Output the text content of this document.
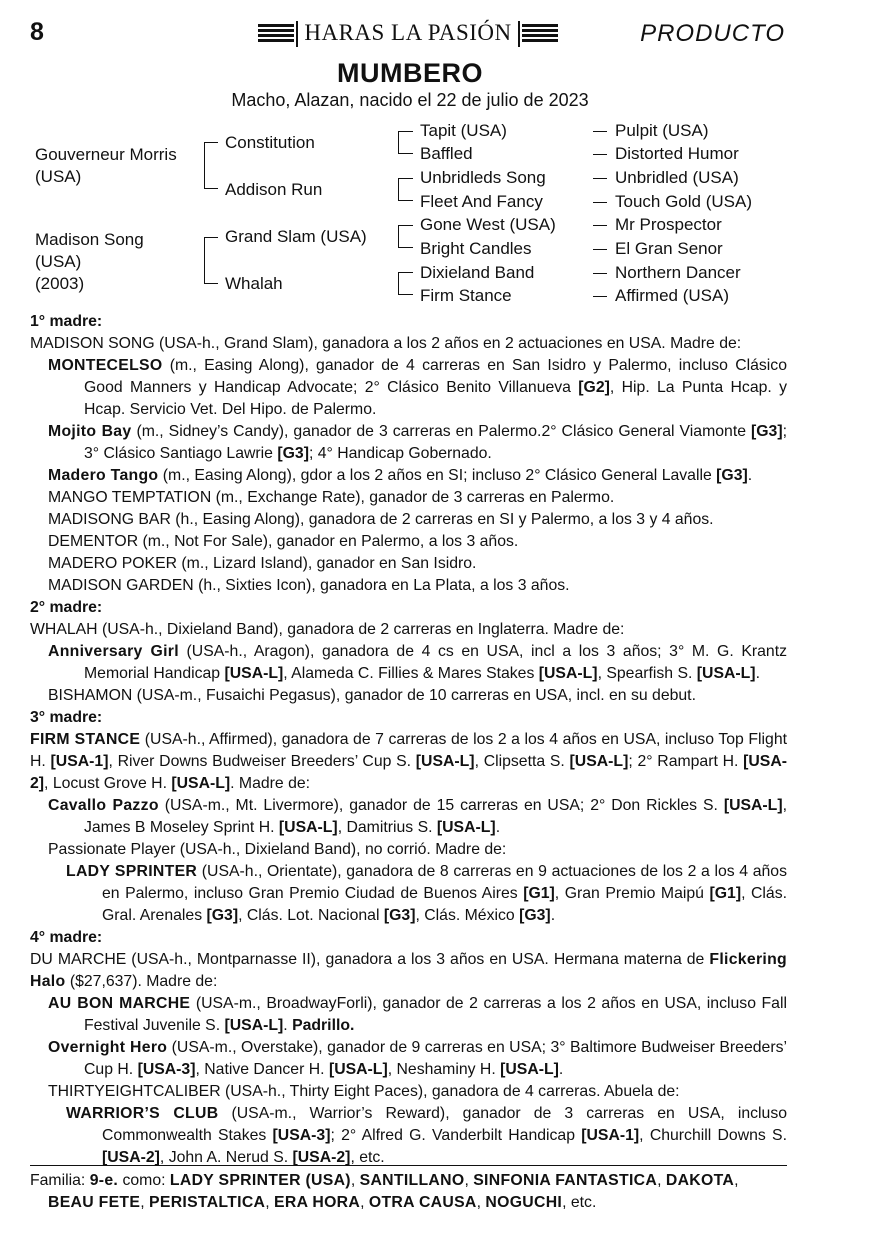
8	HARAS LA PASIÓN	PRODUCTO
MUMBERO
Macho, Alazan, nacido el 22 de julio de 2023
Gouverneur Morris (USA)
Madison Song
(USA)
(2003)
Constitution
Addison Run
Grand Slam (USA)
Whalah
Tapit (USA)
Baffled
Unbridleds Song
Fleet And Fancy
Gone West (USA)
Bright Candles
Dixieland Band
Firm Stance
Pulpit (USA)
Distorted Humor
Unbridled (USA)
Touch Gold (USA)
Mr Prospector
El Gran Senor
Northern Dancer
Affirmed (USA)

1° madre:

MADISON SONG (USA-h., Grand Slam), ganadora a los 2 años en 2 actuaciones en USA. Madre de:

MONTECELSO (m., Easing Along), ganador de 4 carreras en San Isidro y Palermo, incluso Clásico Good Manners y Handicap Advocate; 2° Clásico Benito Villanueva [G2], Hip. La Punta Hcap. y Hcap. Servicio Vet. Del Hipo. de Palermo.

Mojito Bay (m., Sidney’s Candy), ganador de 3 carreras en Palermo.2° Clásico General Viamonte [G3]; 3° Clásico Santiago Lawrie [G3]; 4° Handicap Gobernado.

Madero Tango (m., Easing Along), gdor a los 2 años en SI; incluso 2° Clásico General Lavalle [G3].

MANGO TEMPTATION (m., Exchange Rate), ganador de 3 carreras en Palermo.

MADISONG BAR (h., Easing Along), ganadora de 2 carreras en SI y Palermo, a los 3 y 4 años.

DEMENTOR (m., Not For Sale), ganador en Palermo, a los 3 años.

MADERO POKER (m., Lizard Island), ganador en San Isidro.

MADISON GARDEN (h., Sixties Icon), ganadora en La Plata, a los 3 años.

2° madre:

WHALAH (USA-h., Dixieland Band), ganadora de 2 carreras en Inglaterra. Madre de:

Anniversary Girl (USA-h., Aragon), ganadora de 4 cs en USA, incl a los 3 años; 3° M. G. Krantz Memorial Handicap [USA-L], Alameda C. Fillies & Mares Stakes [USA-L], Spearfish S. [USA-L].

BISHAMON (USA-m., Fusaichi Pegasus), ganador de 10 carreras en USA, incl. en su debut.

3° madre:

FIRM STANCE (USA-h., Affirmed), ganadora de 7 carreras de los 2 a los 4 años en USA, incluso Top Flight H. [USA-1], River Downs Budweiser Breeders’ Cup S. [USA-L], Clipsetta S. [USA-L]; 2° Rampart H. [USA-2], Locust Grove H. [USA-L]. Madre de:

Cavallo Pazzo (USA-m., Mt. Livermore), ganador de 15 carreras en USA; 2° Don Rickles S. [USA-L], James B Moseley Sprint H. [USA-L], Damitrius S. [USA-L].

Passionate Player (USA-h., Dixieland Band), no corrió. Madre de:

LADY SPRINTER (USA-h., Orientate), ganadora de 8 carreras en 9 actuaciones de los 2 a los 4 años en Palermo, incluso Gran Premio Ciudad de Buenos Aires [G1], Gran Premio Maipú [G1], Clás. Gral. Arenales [G3], Clás. Lot. Nacional [G3], Clás. México [G3].

4° madre:

DU MARCHE (USA-h., Montparnasse II), ganadora a los 3 años en USA. Hermana materna de Flickering Halo ($27,637). Madre de:

AU BON MARCHE (USA-m., BroadwayForli), ganador de 2 carreras a los 2 años en USA, incluso Fall Festival Juvenile S. [USA-L]. Padrillo.

Overnight Hero (USA-m., Overstake), ganador de 9 carreras en USA; 3° Baltimore Budweiser Breeders’ Cup H. [USA-3], Native Dancer H. [USA-L], Neshaminy H. [USA-L].

THIRTYEIGHTCALIBER (USA-h., Thirty Eight Paces), ganadora de 4 carreras. Abuela de:

WARRIOR’S CLUB (USA-m., Warrior’s Reward), ganador de 3 carreras en USA, incluso Commonwealth Stakes [USA-3]; 2° Alfred G. Vanderbilt Handicap [USA-1], Churchill Downs S. [USA-2], John A. Nerud S. [USA-2], etc.

Familia: 9-e. como: LADY SPRINTER (USA), SANTILLANO, SINFONIA FANTASTICA, DAKOTA, BEAU FETE, PERISTALTICA, ERA HORA, OTRA CAUSA, NOGUCHI, etc.
